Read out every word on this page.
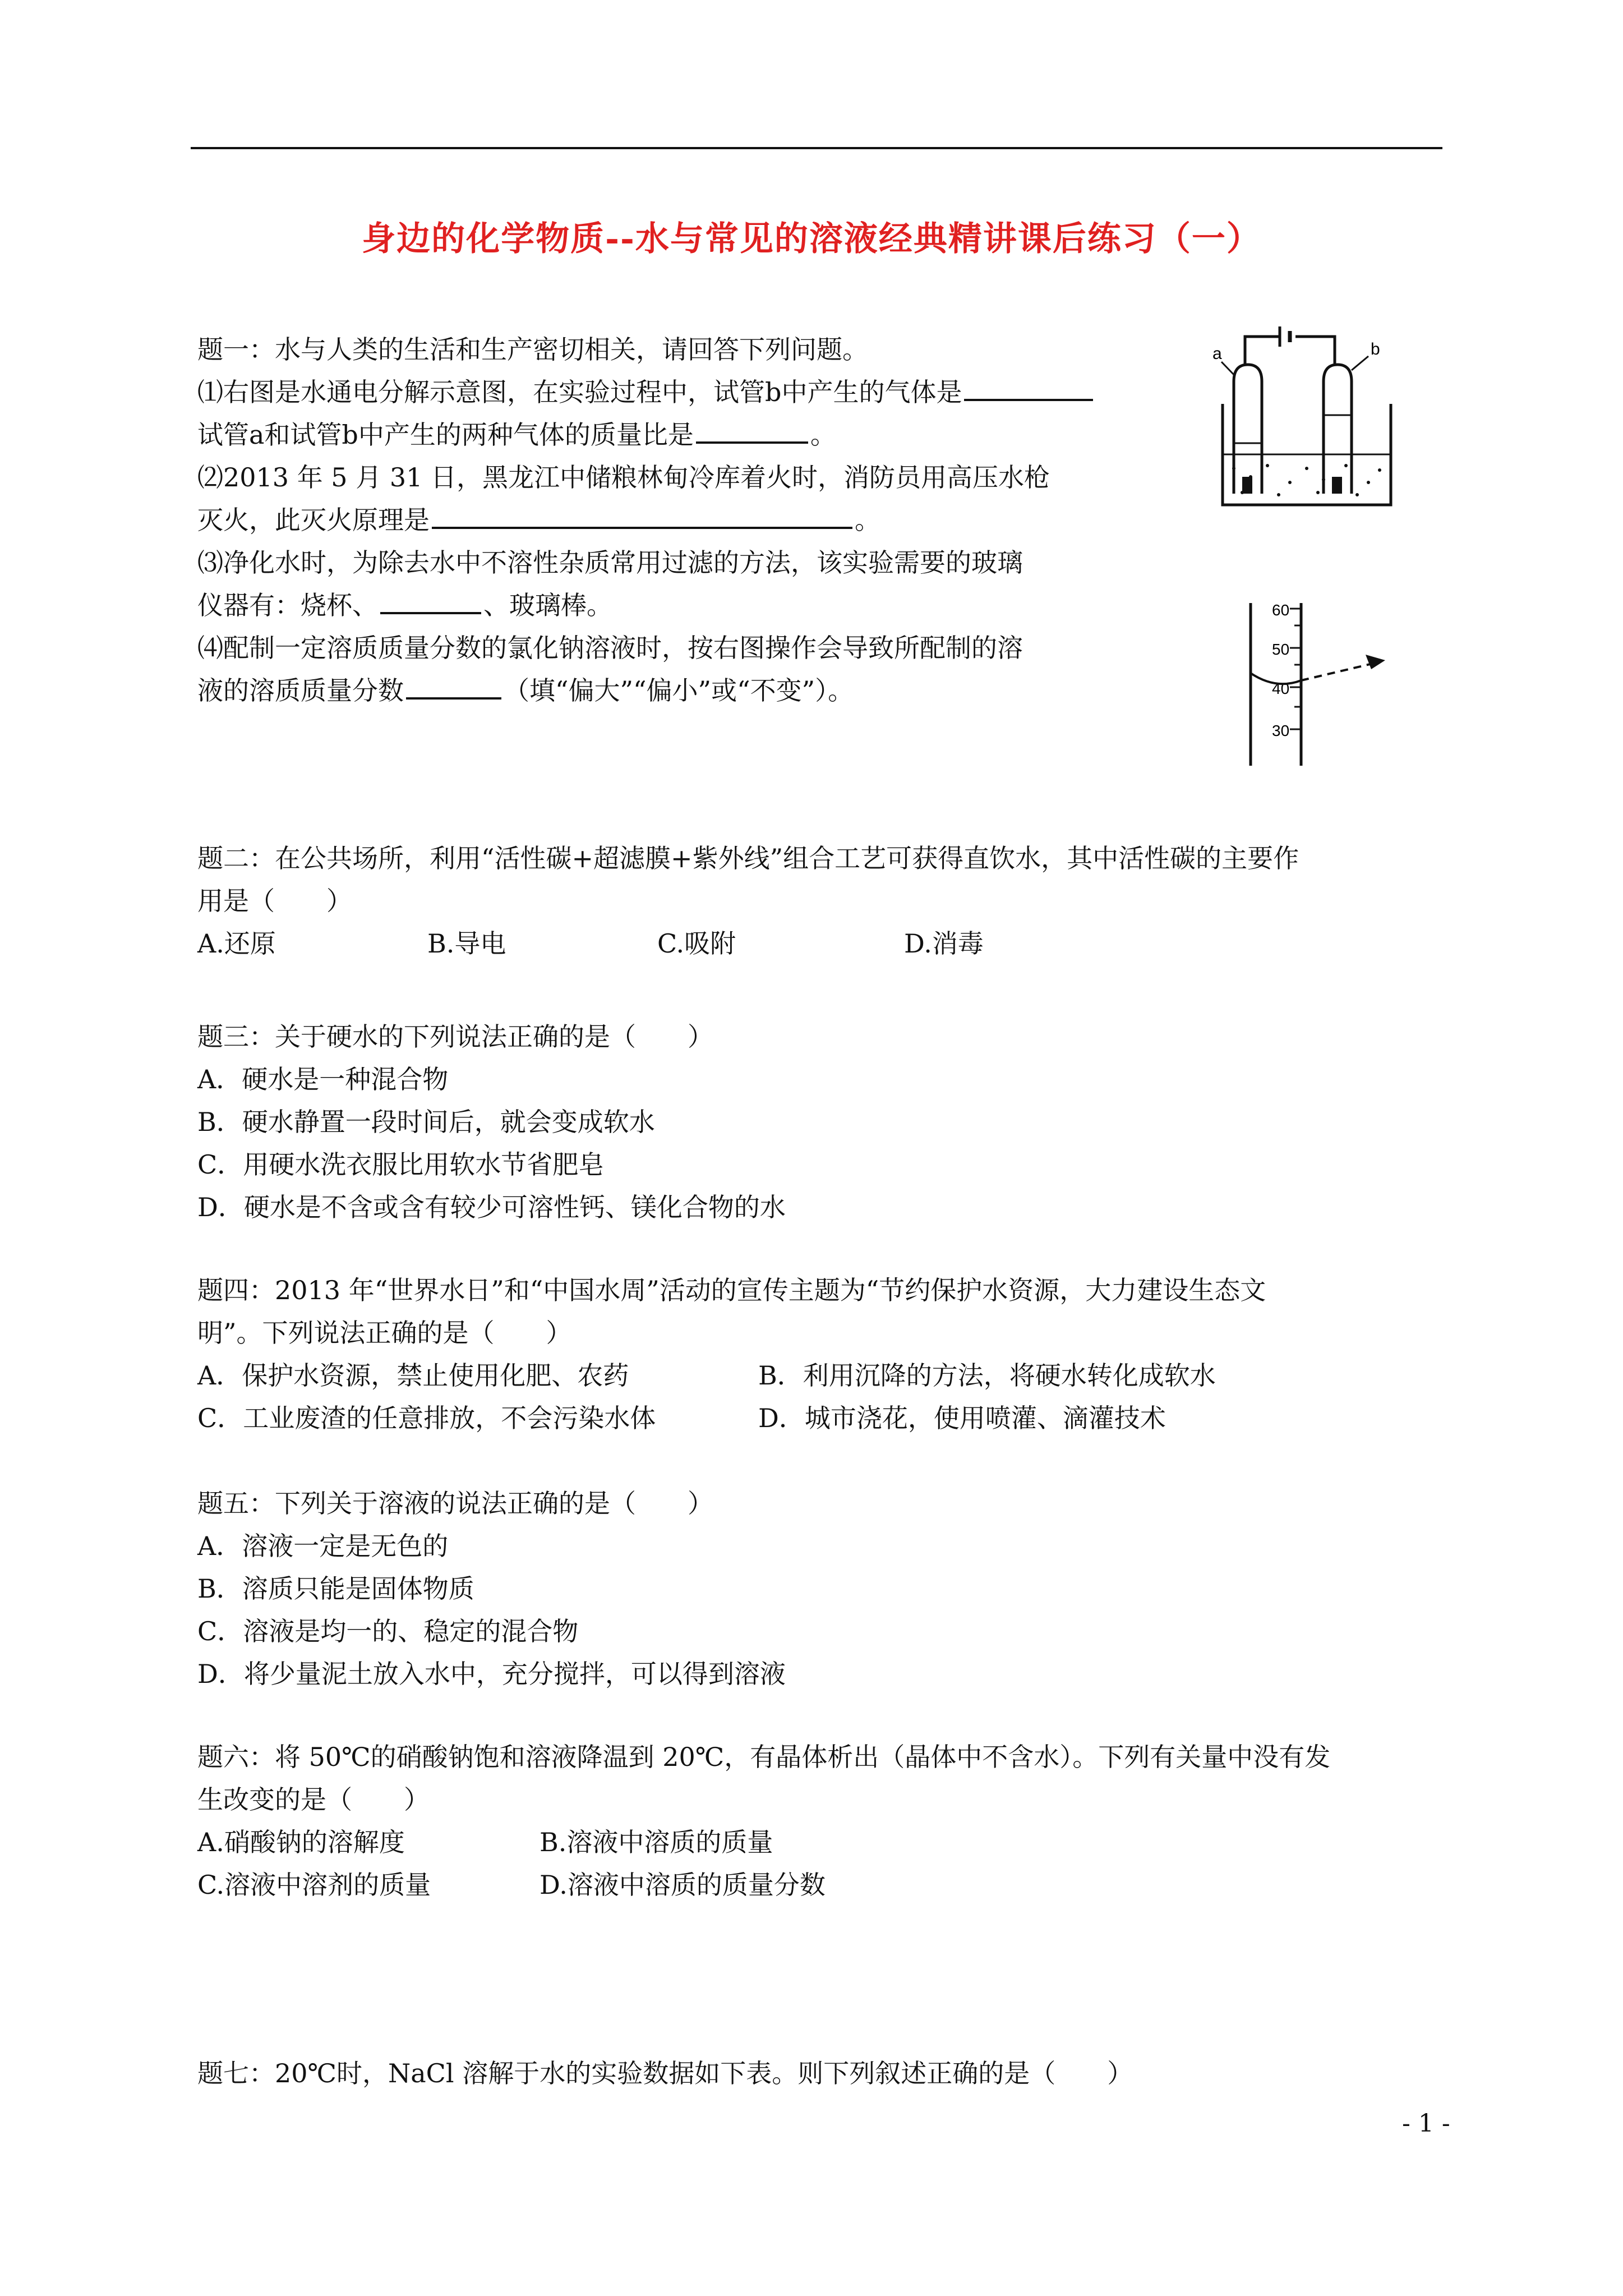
身边的化学物质--水与常见的溶液经典精讲课后练习（一）
题一：水与人类的生活和生产密切相关，请回答下列问题。
⑴右图是水通电分解示意图，在实验过程中，试管b中产生的气体是
试管a和试管b中产生的两种气体的质量比是	。
⑵2013 年 5 月 31 日，黑龙江中储粮林甸冷库着火时，消防员用高压水枪
灭火，此灭火原理是	。
⑶净化水时，为除去水中不溶性杂质常用过滤的方法，该实验需要的玻璃
仪器有：烧杯、	、玻璃棒。
⑷配制一定溶质质量分数的氯化钠溶液时，按右图操作会导致所配制的溶
液的溶质质量分数	（填“偏大”“偏小”或“不变”）。
a	b
60
50
40
30
题二：在公共场所，利用“活性碳+超滤膜+紫外线”组合工艺可获得直饮水，其中活性碳的主要作
用是（　　）
A.还原	B.导电	C.吸附	D.消毒
题三：关于硬水的下列说法正确的是（　　）
A．硬水是一种混合物
B．硬水静置一段时间后，就会变成软水
C．用硬水洗衣服比用软水节省肥皂
D．硬水是不含或含有较少可溶性钙、镁化合物的水
题四：2013 年“世界水日”和“中国水周”活动的宣传主题为“节约保护水资源，大力建设生态文
明”。下列说法正确的是（　　）
A．保护水资源，禁止使用化肥、农药	B．利用沉降的方法，将硬水转化成软水
C．工业废渣的任意排放，不会污染水体	D．城市浇花，使用喷灌、滴灌技术
题五：下列关于溶液的说法正确的是（　　）
A．溶液一定是无色的
B．溶质只能是固体物质
C．溶液是均一的、稳定的混合物
D．将少量泥土放入水中，充分搅拌，可以得到溶液
题六：将 50℃的硝酸钠饱和溶液降温到 20℃，有晶体析出（晶体中不含水）。下列有关量中没有发
生改变的是（　　）
A.硝酸钠的溶解度	B.溶液中溶质的质量
C.溶液中溶剂的质量	D.溶液中溶质的质量分数
题七：20℃时，NaCl 溶解于水的实验数据如下表。则下列叙述正确的是（　　）
- 1 -
